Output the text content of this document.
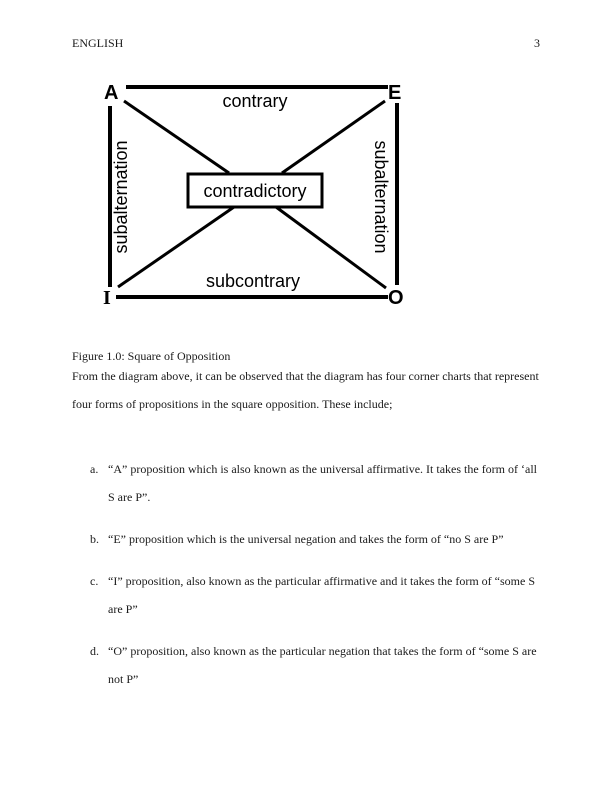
ENGLISH	3
A	E
I	O
contrary
subcontrary
contradictory
subalternation	subalternation
Figure 1.0: Square of Opposition

From the diagram above, it can be observed that the diagram has four corner charts that represent four forms of propositions in the square opposition. These include;

a. “A” proposition which is also known as the universal affirmative. It takes the form of ‘all S are P”.
b. “E” proposition which is the universal negation and takes the form of “no S are P”
c. “I” proposition, also known as the particular affirmative and it takes the form of “some S are P”
d. “O” proposition, also known as the particular negation that takes the form of “some S are not P”
